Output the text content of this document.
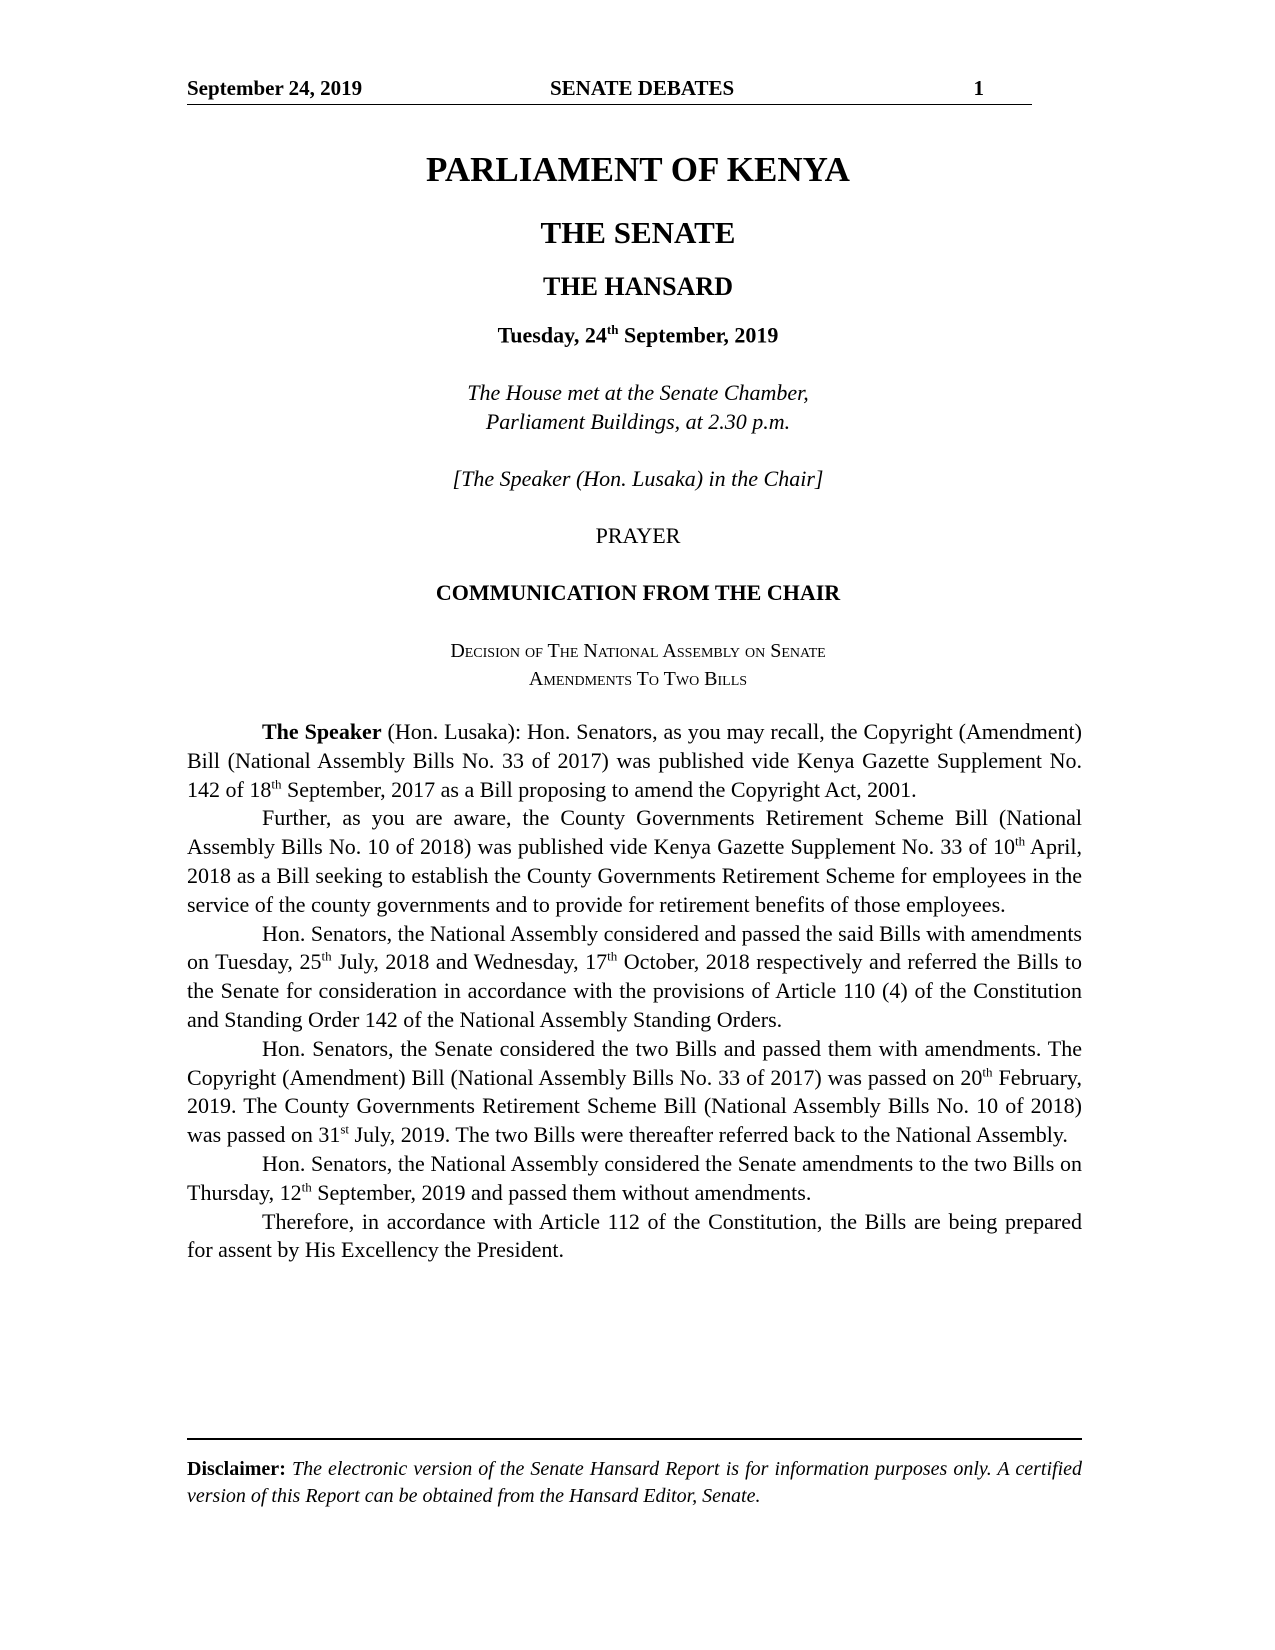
September 24, 2019	SENATE DEBATES	1
PARLIAMENT OF KENYA
THE SENATE
THE HANSARD
Tuesday, 24th September, 2019
The House met at the Senate Chamber,
Parliament Buildings, at 2.30 p.m.
[The Speaker (Hon. Lusaka) in the Chair]
PRAYER
COMMUNICATION FROM THE CHAIR
Decision of The National Assembly on Senate
Amendments To Two Bills

The Speaker (Hon. Lusaka): Hon. Senators, as you may recall, the Copyright (Amendment) Bill (National Assembly Bills No. 33 of 2017) was published vide Kenya Gazette Supplement No. 142 of 18th September, 2017 as a Bill proposing to amend the Copyright Act, 2001.

Further, as you are aware, the County Governments Retirement Scheme Bill (National Assembly Bills No. 10 of 2018) was published vide Kenya Gazette Supplement No. 33 of 10th April, 2018 as a Bill seeking to establish the County Governments Retirement Scheme for employees in the service of the county governments and to provide for retirement benefits of those employees.

Hon. Senators, the National Assembly considered and passed the said Bills with amendments on Tuesday, 25th July, 2018 and Wednesday, 17th October, 2018 respectively and referred the Bills to the Senate for consideration in accordance with the provisions of Article 110 (4) of the Constitution and Standing Order 142 of the National Assembly Standing Orders.

Hon. Senators, the Senate considered the two Bills and passed them with amendments. The Copyright (Amendment) Bill (National Assembly Bills No. 33 of 2017) was passed on 20th February, 2019. The County Governments Retirement Scheme Bill (National Assembly Bills No. 10 of 2018) was passed on 31st July, 2019. The two Bills were thereafter referred back to the National Assembly.

Hon. Senators, the National Assembly considered the Senate amendments to the two Bills on Thursday, 12th September, 2019 and passed them without amendments.

Therefore, in accordance with Article 112 of the Constitution, the Bills are being prepared for assent by His Excellency the President.

Disclaimer: The electronic version of the Senate Hansard Report is for information purposes only. A certified version of this Report can be obtained from the Hansard Editor, Senate.
